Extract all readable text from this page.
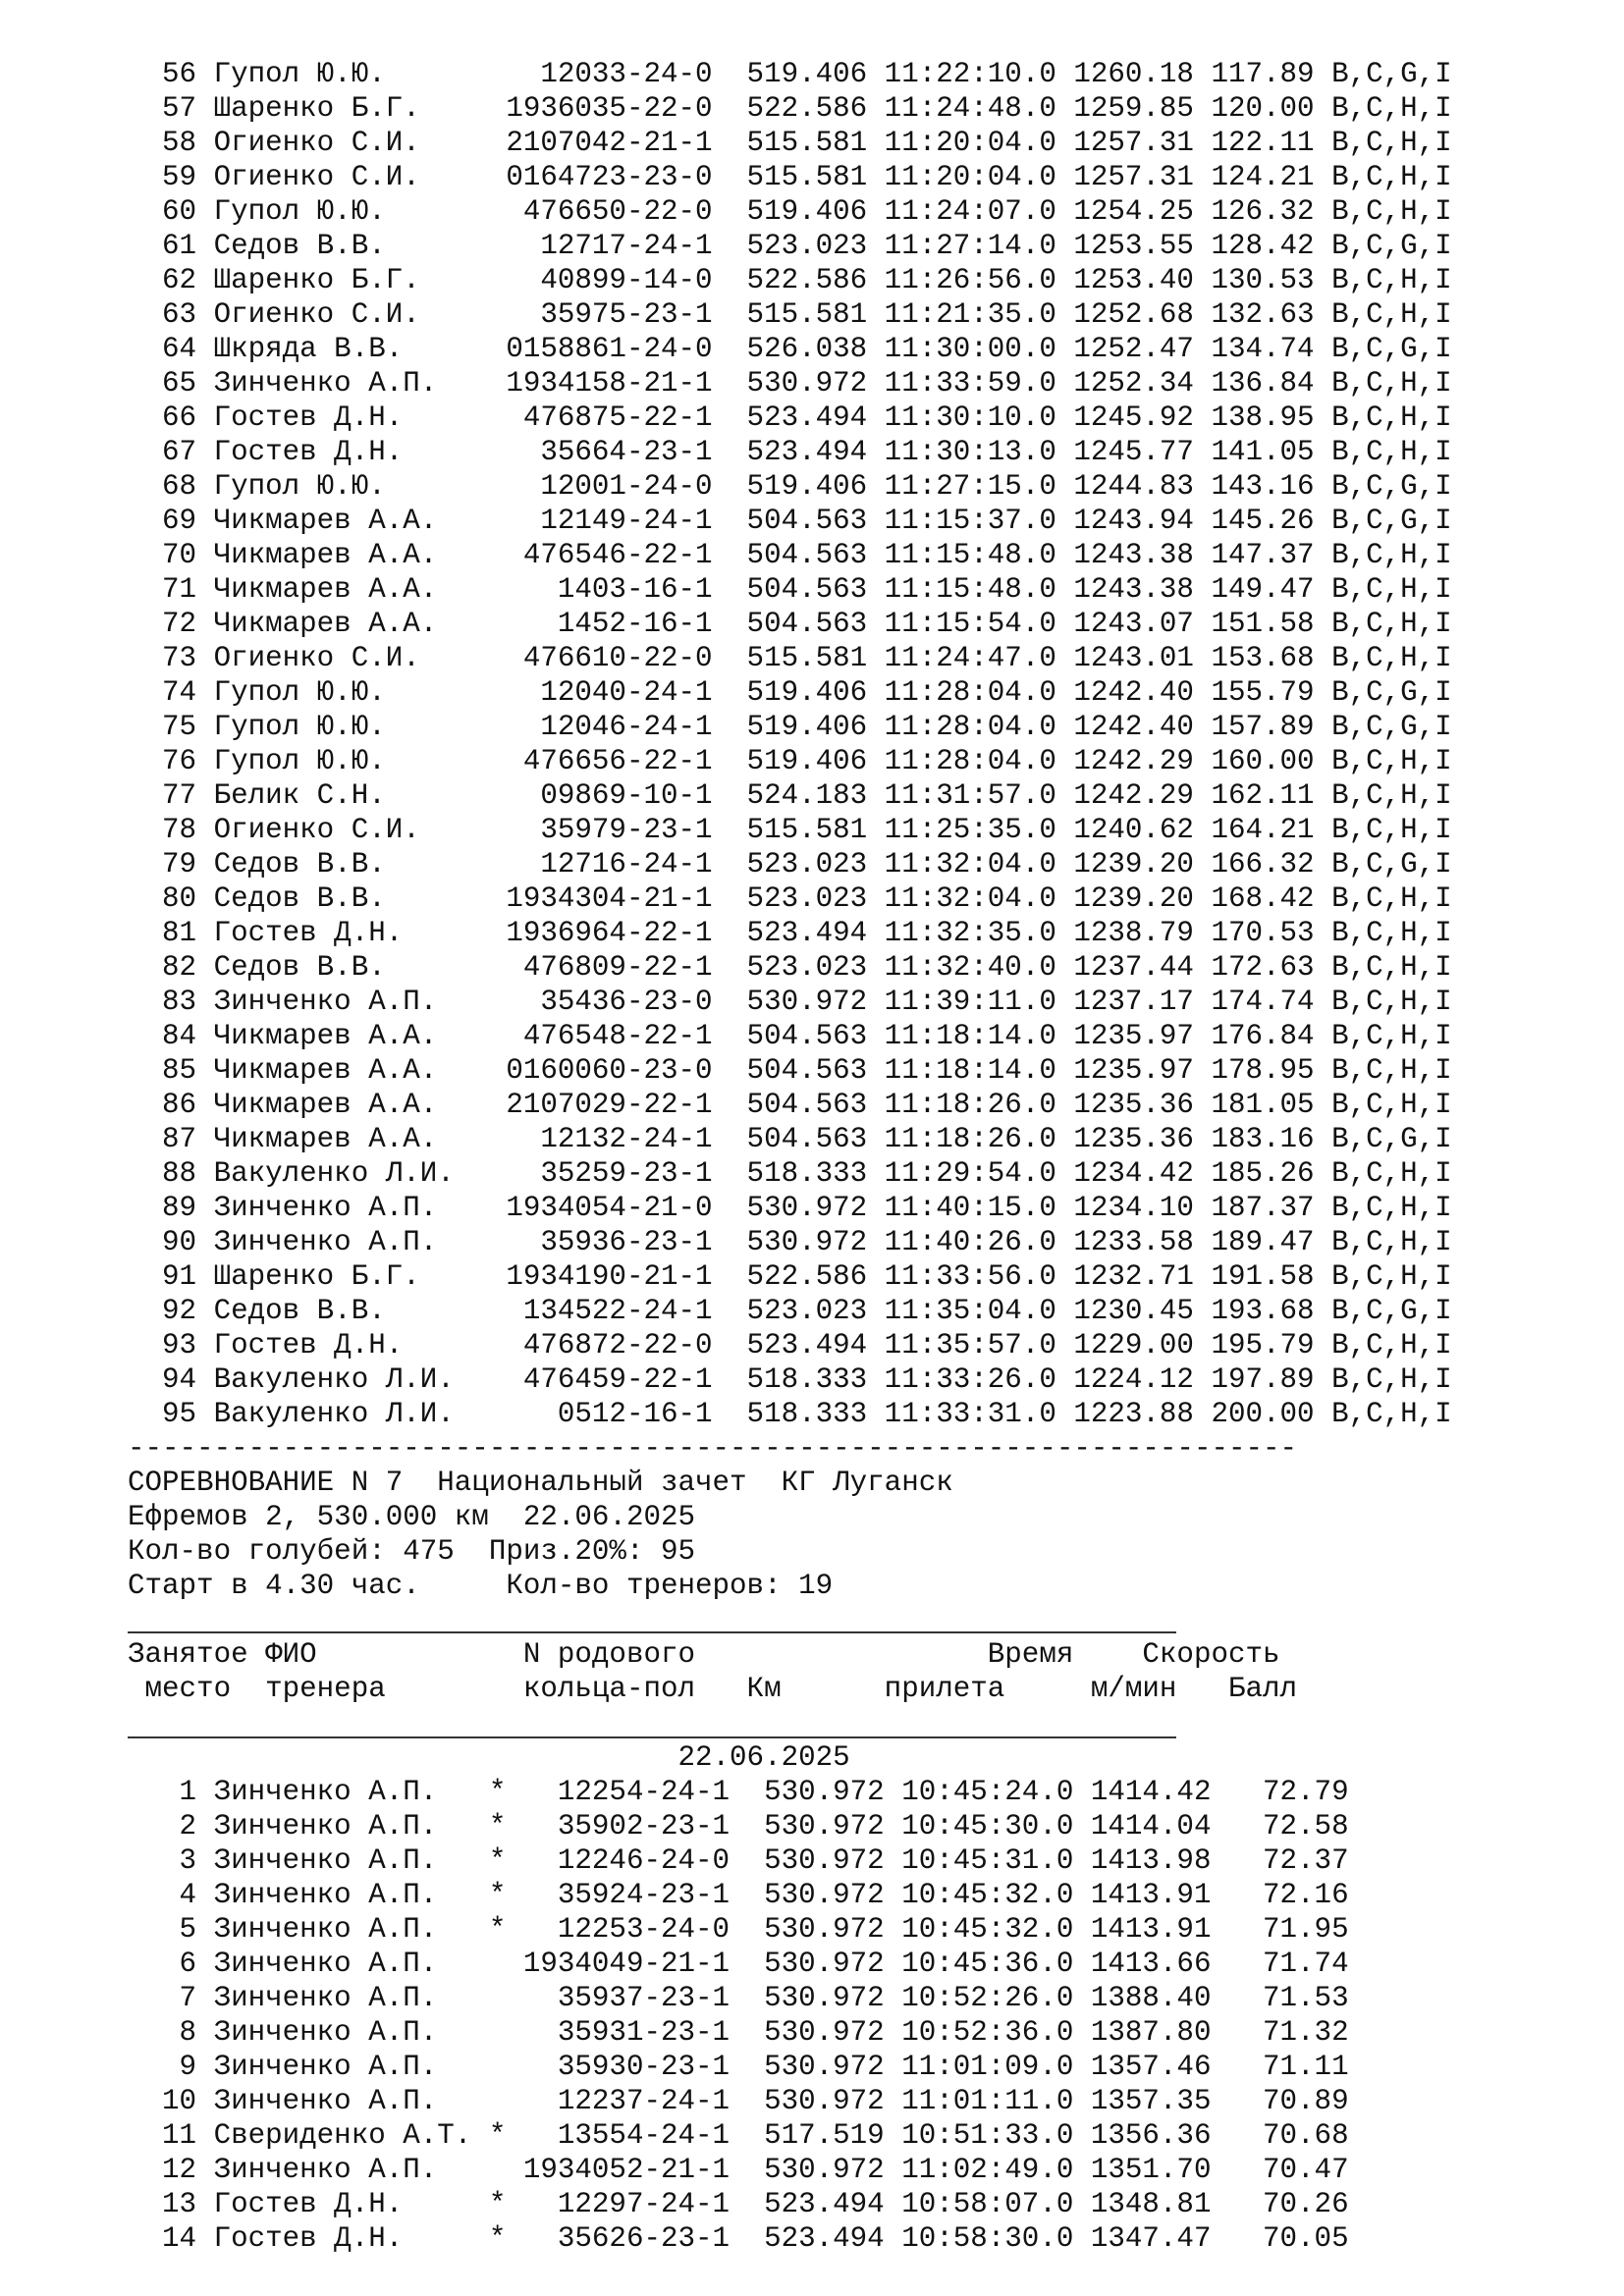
56 Гупол Ю.Ю.         12033-24-0  519.406 11:22:10.0 1260.18 117.89 B,C,G,I
57 Шаренко Б.Г.     1936035-22-0  522.586 11:24:48.0 1259.85 120.00 B,C,H,I
58 Огиенко С.И.     2107042-21-1  515.581 11:20:04.0 1257.31 122.11 B,C,H,I
59 Огиенко С.И.     0164723-23-0  515.581 11:20:04.0 1257.31 124.21 B,C,H,I
60 Гупол Ю.Ю.        476650-22-0  519.406 11:24:07.0 1254.25 126.32 B,C,H,I
61 Седов В.В.         12717-24-1  523.023 11:27:14.0 1253.55 128.42 B,C,G,I
62 Шаренко Б.Г.       40899-14-0  522.586 11:26:56.0 1253.40 130.53 B,C,H,I
63 Огиенко С.И.       35975-23-1  515.581 11:21:35.0 1252.68 132.63 B,C,H,I
64 Шкряда В.В.      0158861-24-0  526.038 11:30:00.0 1252.47 134.74 B,C,G,I
65 Зинченко А.П.    1934158-21-1  530.972 11:33:59.0 1252.34 136.84 B,C,H,I
66 Гостев Д.Н.       476875-22-1  523.494 11:30:10.0 1245.92 138.95 B,C,H,I
67 Гостев Д.Н.        35664-23-1  523.494 11:30:13.0 1245.77 141.05 B,C,H,I
68 Гупол Ю.Ю.         12001-24-0  519.406 11:27:15.0 1244.83 143.16 B,C,G,I
69 Чикмарев А.А.      12149-24-1  504.563 11:15:37.0 1243.94 145.26 B,C,G,I
70 Чикмарев А.А.     476546-22-1  504.563 11:15:48.0 1243.38 147.37 B,C,H,I
71 Чикмарев А.А.       1403-16-1  504.563 11:15:48.0 1243.38 149.47 B,C,H,I
72 Чикмарев А.А.       1452-16-1  504.563 11:15:54.0 1243.07 151.58 B,C,H,I
73 Огиенко С.И.      476610-22-0  515.581 11:24:47.0 1243.01 153.68 B,C,H,I
74 Гупол Ю.Ю.         12040-24-1  519.406 11:28:04.0 1242.40 155.79 B,C,G,I
75 Гупол Ю.Ю.         12046-24-1  519.406 11:28:04.0 1242.40 157.89 B,C,G,I
76 Гупол Ю.Ю.        476656-22-1  519.406 11:28:04.0 1242.29 160.00 B,C,H,I
77 Белик С.Н.         09869-10-1  524.183 11:31:57.0 1242.29 162.11 B,C,H,I
78 Огиенко С.И.       35979-23-1  515.581 11:25:35.0 1240.62 164.21 B,C,H,I
79 Седов В.В.         12716-24-1  523.023 11:32:04.0 1239.20 166.32 B,C,G,I
80 Седов В.В.       1934304-21-1  523.023 11:32:04.0 1239.20 168.42 B,C,H,I
81 Гостев Д.Н.      1936964-22-1  523.494 11:32:35.0 1238.79 170.53 B,C,H,I
82 Седов В.В.        476809-22-1  523.023 11:32:40.0 1237.44 172.63 B,C,H,I
83 Зинченко А.П.      35436-23-0  530.972 11:39:11.0 1237.17 174.74 B,C,H,I
84 Чикмарев А.А.     476548-22-1  504.563 11:18:14.0 1235.97 176.84 B,C,H,I
85 Чикмарев А.А.    0160060-23-0  504.563 11:18:14.0 1235.97 178.95 B,C,H,I
86 Чикмарев А.А.    2107029-22-1  504.563 11:18:26.0 1235.36 181.05 B,C,H,I
87 Чикмарев А.А.      12132-24-1  504.563 11:18:26.0 1235.36 183.16 B,C,G,I
88 Вакуленко Л.И.     35259-23-1  518.333 11:29:54.0 1234.42 185.26 B,C,H,I
89 Зинченко А.П.    1934054-21-0  530.972 11:40:15.0 1234.10 187.37 B,C,H,I
90 Зинченко А.П.      35936-23-1  530.972 11:40:26.0 1233.58 189.47 B,C,H,I
91 Шаренко Б.Г.     1934190-21-1  522.586 11:33:56.0 1232.71 191.58 B,C,H,I
92 Седов В.В.        134522-24-1  523.023 11:35:04.0 1230.45 193.68 B,C,G,I
93 Гостев Д.Н.       476872-22-0  523.494 11:35:57.0 1229.00 195.79 B,C,H,I
94 Вакуленко Л.И.    476459-22-1  518.333 11:33:26.0 1224.12 197.89 B,C,H,I
95 Вакуленко Л.И.      0512-16-1  518.333 11:33:31.0 1223.88 200.00 B,C,H,I
--------------------------------------------------------------------
СОРЕВНОВАНИЕ N 7  Национальный зачет  КГ Луганск
Ефремов 2, 530.000 км  22.06.2025
Кол-во голубей: 475  Приз.20%: 95
Старт в 4.30 час.     Кол-во тренеров: 19

Занятое ФИО            N родового                 Время    Скорость
место  тренера        кольца-пол   Км      прилета     м/мин   Балл

22.06.2025
1 Зинченко А.П.   *   12254-24-1  530.972 10:45:24.0 1414.42   72.79
2 Зинченко А.П.   *   35902-23-1  530.972 10:45:30.0 1414.04   72.58
3 Зинченко А.П.   *   12246-24-0  530.972 10:45:31.0 1413.98   72.37
4 Зинченко А.П.   *   35924-23-1  530.972 10:45:32.0 1413.91   72.16
5 Зинченко А.П.   *   12253-24-0  530.972 10:45:32.0 1413.91   71.95
6 Зинченко А.П.     1934049-21-1  530.972 10:45:36.0 1413.66   71.74
7 Зинченко А.П.       35937-23-1  530.972 10:52:26.0 1388.40   71.53
8 Зинченко А.П.       35931-23-1  530.972 10:52:36.0 1387.80   71.32
9 Зинченко А.П.       35930-23-1  530.972 11:01:09.0 1357.46   71.11
10 Зинченко А.П.       12237-24-1  530.972 11:01:11.0 1357.35   70.89
11 Свериденко А.Т. *   13554-24-1  517.519 10:51:33.0 1356.36   70.68
12 Зинченко А.П.     1934052-21-1  530.972 11:02:49.0 1351.70   70.47
13 Гостев Д.Н.     *   12297-24-1  523.494 10:58:07.0 1348.81   70.26
14 Гостев Д.Н.     *   35626-23-1  523.494 10:58:30.0 1347.47   70.05
